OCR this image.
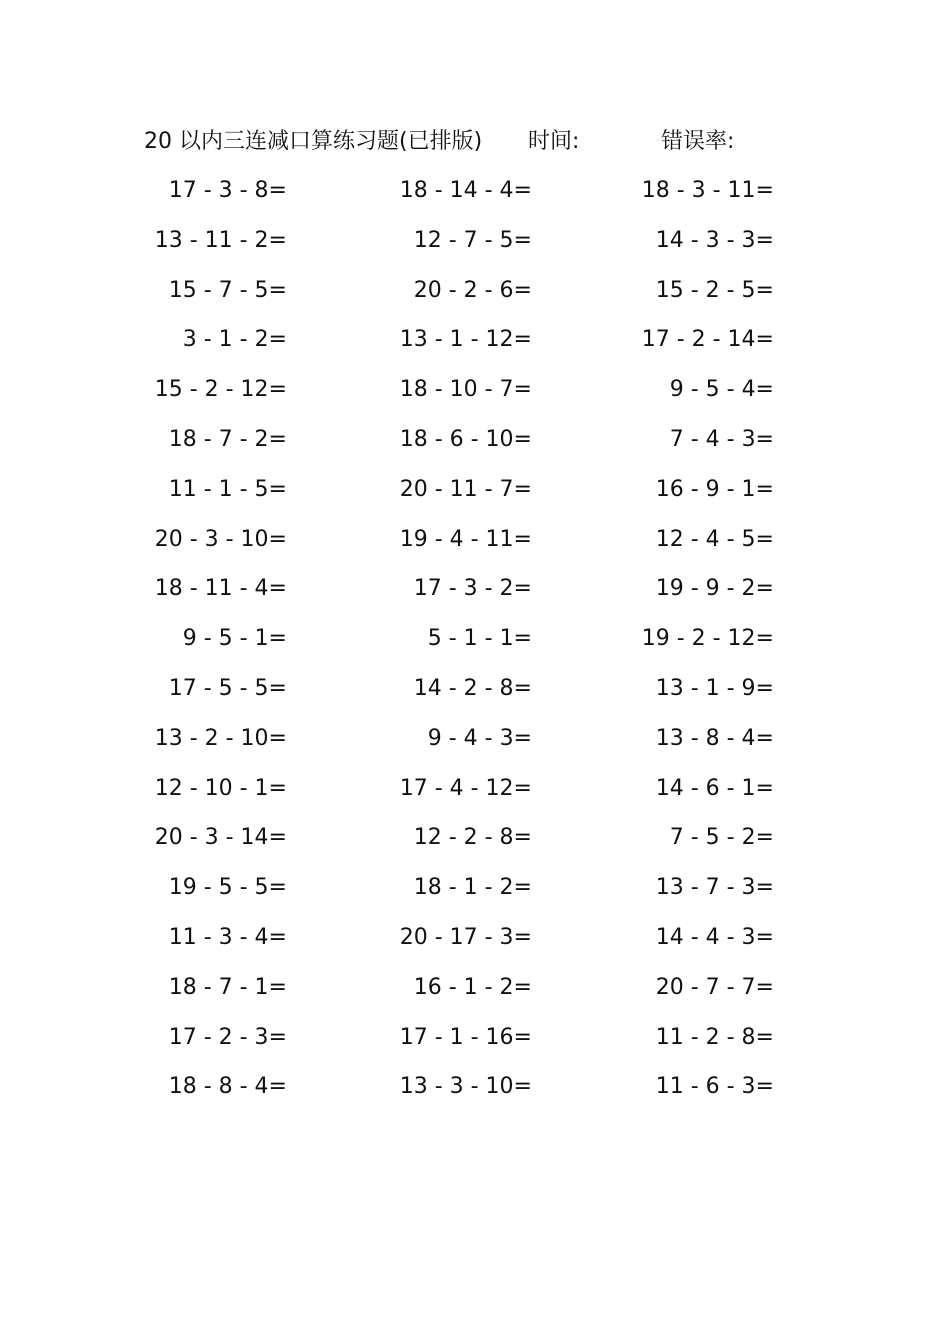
20 以内三连减口算练习题(已排版) 时间:	错误率:
17 - 3 - 8=	18 - 14 - 4=	18 - 3 - 11=
13 - 11 - 2=	12 - 7 - 5=	14 - 3 - 3=
15 - 7 - 5=	20 - 2 - 6=	15 - 2 - 5=
3 - 1 - 2=	13 - 1 - 12=	17 - 2 - 14=
15 - 2 - 12=	18 - 10 - 7=	9 - 5 - 4=
18 - 7 - 2=	18 - 6 - 10=	7 - 4 - 3=
11 - 1 - 5=	20 - 11 - 7=	16 - 9 - 1=
20 - 3 - 10=	19 - 4 - 11=	12 - 4 - 5=
18 - 11 - 4=	17 - 3 - 2=	19 - 9 - 2=
9 - 5 - 1=	5 - 1 - 1=	19 - 2 - 12=
17 - 5 - 5=	14 - 2 - 8=	13 - 1 - 9=
13 - 2 - 10=	9 - 4 - 3=	13 - 8 - 4=
12 - 10 - 1=	17 - 4 - 12=	14 - 6 - 1=
20 - 3 - 14=	12 - 2 - 8=	7 - 5 - 2=
19 - 5 - 5=	18 - 1 - 2=	13 - 7 - 3=
11 - 3 - 4=	20 - 17 - 3=	14 - 4 - 3=
18 - 7 - 1=	16 - 1 - 2=	20 - 7 - 7=
17 - 2 - 3=	17 - 1 - 16=	11 - 2 - 8=
18 - 8 - 4=	13 - 3 - 10=	11 - 6 - 3=
